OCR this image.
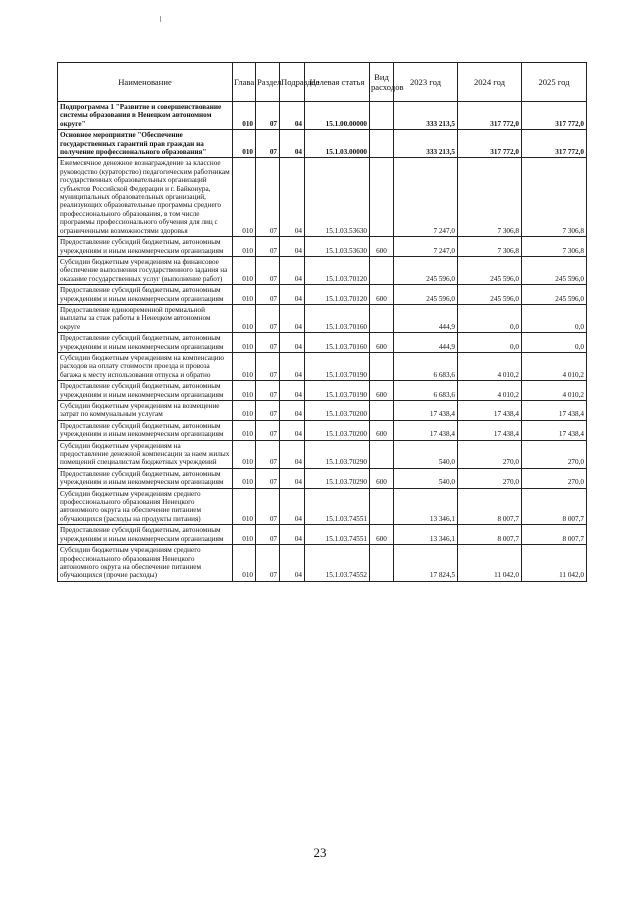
Наименование	Глава	Раздел	Подраздел	Целевая статья	Вид расходов	2023 год	2024 год	2025 год
Подпрограмма 1 "Развитие и совершенствование системы образования в Ненецком автономном округе"	010	07	04	15.1.00.00000		333 213,5	317 772,0	317 772,0
Основное мероприятие "Обеспечение государственных гарантий прав граждан на получение профессионального образования"	010	07	04	15.1.03.00000		333 213,5	317 772,0	317 772,0
Ежемесячное денежное вознаграждение за классное руководство (кураторство) педагогическим работникам государственных образовательных организаций субъектов Российской Федерации и г. Байконура, муниципальных образовательных организаций, реализующих образовательные программы среднего профессионального образования, в том числе программы профессионального обучения для лиц с ограниченными возможностями здоровья	010	07	04	15.1.03.53630		7 247,0	7 306,8	7 306,8
Предоставление субсидий бюджетным, автономным учреждениям и иным некоммерческим организациям	010	07	04	15.1.03.53630	600	7 247,0	7 306,8	7 306,8
Субсидии бюджетным учреждениям на финансовое обеспечение выполнения государственного задания на оказание государственных услуг (выполнение работ)	010	07	04	15.1.03.70120		245 596,0	245 596,0	245 596,0
Предоставление субсидий бюджетным, автономным учреждениям и иным некоммерческим организациям	010	07	04	15.1.03.70120	600	245 596,0	245 596,0	245 596,0
Предоставление единовременной премиальной выплаты за стаж работы в Ненецком автономном округе	010	07	04	15.1.03.70160		444,9	0,0	0,0
Предоставление субсидий бюджетным, автономным учреждениям и иным некоммерческим организациям	010	07	04	15.1.03.70160	600	444,9	0,0	0,0
Субсидии бюджетным учреждениям на компенсацию расходов на оплату стоимости проезда и провоза багажа к месту использования отпуска и обратно	010	07	04	15.1.03.70190		6 683,6	4 010,2	4 010,2
Предоставление субсидий бюджетным, автономным учреждениям и иным некоммерческим организациям	010	07	04	15.1.03.70190	600	6 683,6	4 010,2	4 010,2
Субсидии бюджетным учреждениям на возмещение затрат по коммунальным услугам	010	07	04	15.1.03.70200		17 438,4	17 438,4	17 438,4
Предоставление субсидий бюджетным, автономным учреждениям и иным некоммерческим организациям	010	07	04	15.1.03.70200	600	17 438,4	17 438,4	17 438,4
Субсидии бюджетным учреждениям на предоставление денежной компенсации за наем жилых помещений специалистам бюджетных учреждений	010	07	04	15.1.03.70290		540,0	270,0	270,0
Предоставление субсидий бюджетным, автономным учреждениям и иным некоммерческим организациям	010	07	04	15.1.03.70290	600	540,0	270,0	270,0
Субсидии бюджетным учреждениям среднего профессионального образования Ненецкого автономного округа на обеспечение питанием обучающихся (расходы на продукты питания)	010	07	04	15.1.03.74551		13 346,1	8 007,7	8 007,7
Предоставление субсидий бюджетным, автономным учреждениям и иным некоммерческим организациям	010	07	04	15.1.03.74551	600	13 346,1	8 007,7	8 007,7
Субсидии бюджетным учреждениям среднего профессионального образования Ненецкого автономного округа на обеспечение питанием обучающихся (прочие расходы)	010	07	04	15.1.03.74552		17 824,5	11 042,0	11 042,0
23
